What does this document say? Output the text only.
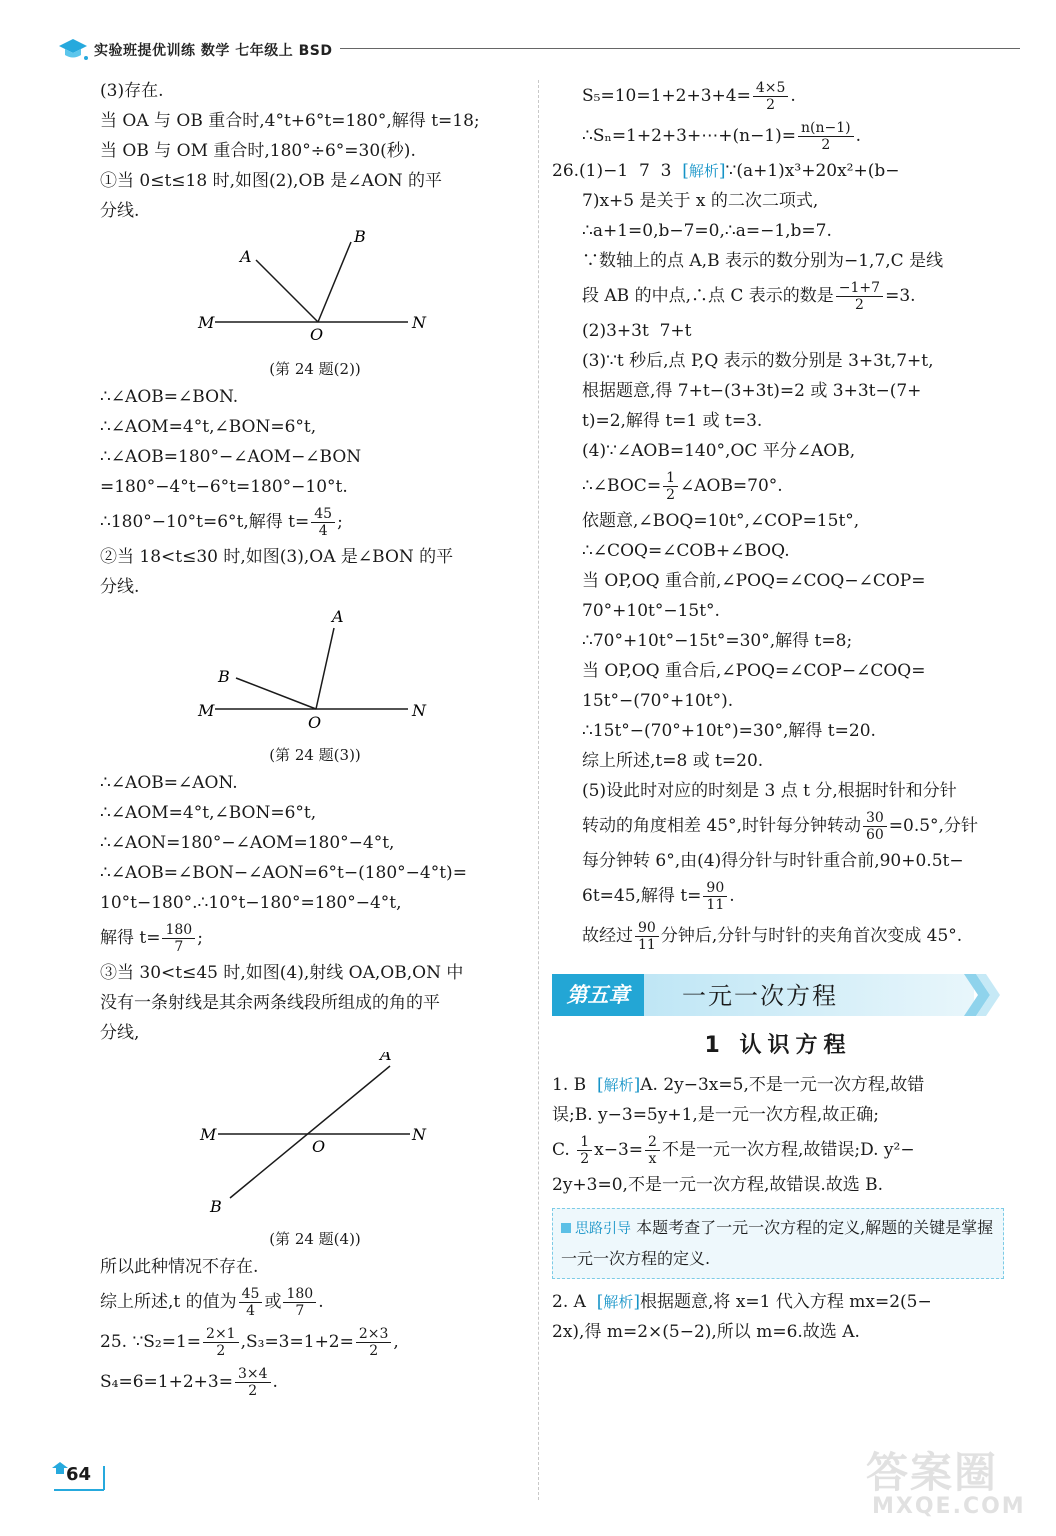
实验班提优训练 数学 七年级上 BSD

(3)存在.

当 OA 与 OB 重合时,4°t+6°t=180°,解得 t=18;

当 OB 与 OM 重合时,180°÷6°=30(秒).

①当 0≤t≤18 时,如图(2),OB 是∠AON 的平

分线.

A
B
M
O
N
(第 24 题(2))

∴∠AOB=∠BON.

∴∠AOM=4°t,∠BON=6°t,

∴∠AOB=180°−∠AOM−∠BON

=180°−4°t−6°t=180°−10°t.

∴180°−10°t=6°t,解得 $t= \frac{45}{4}$ ;

②当 18<t≤30 时,如图(3),OA 是∠BON 的平

分线.

A
B
M
O
N
(第 24 题(3))

∴∠AOB=∠AON.

∴∠AOM=4°t,∠BON=6°t,

∴∠AON=180°−∠AOM=180°−4°t,

∴∠AOB=∠BON−∠AON=6°t−(180°−4°t)=

10°t−180°.∴10°t−180°=180°−4°t,

解得 $t= \frac{180}{7}$ ;

③当 30<t≤45 时,如图(4),射线 OA,OB,ON 中

没有一条射线是其余两条线段所组成的角的平

分线,

A
B
M
O
N
(第 24 题(4))

所以此种情况不存在.

综上所述,t 的值为 $\frac{45}{4}$ 或 $\frac{180}{7}$ .

25. ∵S₂=1= $\frac{2\times 1}{2} ,S_3=3=1+2= \frac{2\times 3}{2}$ ,

$S_4=6=1+2+3= \frac{3\times 4}{2}$ .

$S_5=10=1+2+3+4= \frac{4\times 5}{2}$ .

∴Sₙ=1+2+3+⋯+(n−1)= $\frac{n(n-1)}{2}$ .

26.(1)−1  7  3  [解析]∵(a+1)x³+20x²+(b−

7)x+5 是关于 x 的二次二项式,

∴a+1=0,b−7=0,∴a=−1,b=7.

∵数轴上的点 A,B 表示的数分别为−1,7,C 是线

段 AB 的中点,∴点 C 表示的数是 $\frac{-1+7}{2} =3$.

(2)3+3t  7+t

(3)∵t 秒后,点 P,Q 表示的数分别是 3+3t,7+t,

根据题意,得 7+t−(3+3t)=2 或 3+3t−(7+

t)=2,解得 t=1 或 t=3.

(4)∵∠AOB=140°,OC 平分∠AOB,

∴∠BOC= $\frac{1}{2}$ ∠AOB=70°.

依题意,∠BOQ=10t°,∠COP=15t°,

∴∠COQ=∠COB+∠BOQ.

当 OP,OQ 重合前,∠POQ=∠COQ−∠COP=

70°+10t°−15t°.

∴70°+10t°−15t°=30°,解得 t=8;

当 OP,OQ 重合后,∠POQ=∠COP−∠COQ=

15t°−(70°+10t°).

∴15t°−(70°+10t°)=30°,解得 t=20.

综上所述,t=8 或 t=20.

(5)设此时对应的时刻是 3 点 t 分,根据时针和分针

转动的角度相差 45°,时针每分钟转动 $\frac{30}{60} =0.5^\circ$,分针

每分钟转 6°,由(4)得分针与时针重合前,90+0.5t−

6t=45,解得 $t= \frac{90}{11}$ .

故经过 $\frac{90}{11}$ 分钟后,分针与时针的夹角首次变成 45°.

第五章	一元一次方程
1 认识方程

1. B  [解析]A. 2y−3x=5,不是一元一次方程,故错

误;B. y−3=5y+1,是一元一次方程,故正确;

C. $\frac{1}{2} x-3= \frac{2}{x}$ 不是一元一次方程,故错误;D. y²−

2y+3=0,不是一元一次方程,故错误.故选 B.

思路引导 本题考查了一元一次方程的定义,解题的关键是掌握一元一次方程的定义.

2. A  [解析]根据题意,将 x=1 代入方程 mx=2(5−

2x),得 m=2×(5−2),所以 m=6.故选 A.

64	答案圈
MXQE.COM
